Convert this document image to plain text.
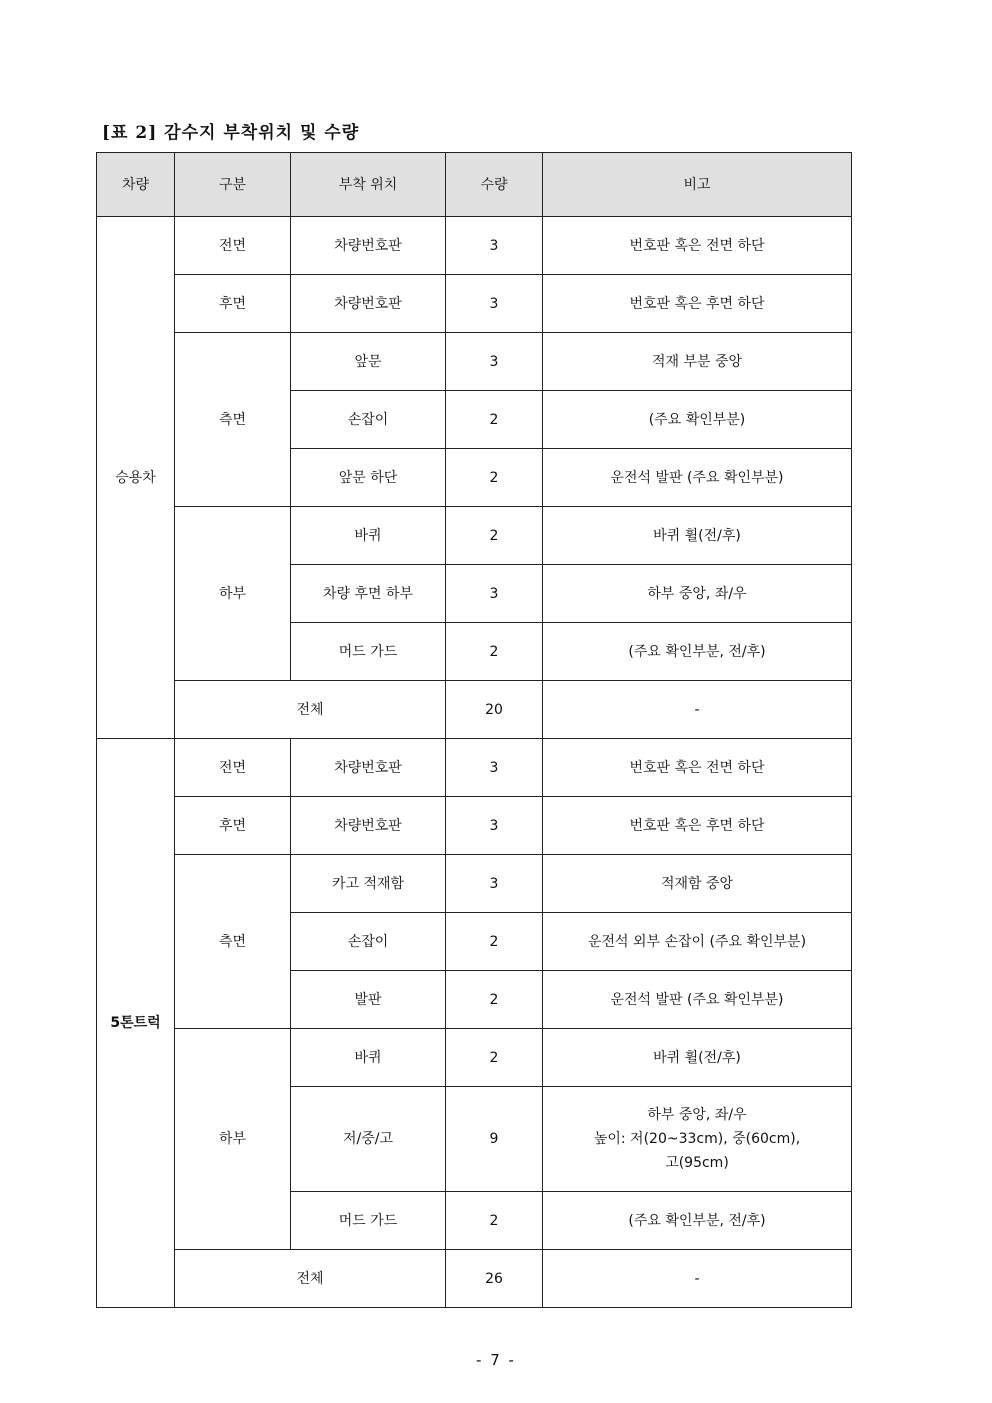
[표 2] 감수지 부착위치 및 수량
차량	구분	부착 위치	수량	비고
승용차	전면	차량번호판	3	번호판 혹은 전면 하단
	후면	차량번호판	3	번호판 혹은 후면 하단
	측면	앞문	3	적재 부분 중앙
		손잡이	2	(주요 확인부분)
		앞문 하단	2	운전석 발판 (주요 확인부분)
	하부	바퀴	2	바퀴 휠(전/후)
		차량 후면 하부	3	하부 중앙, 좌/우
		머드 가드	2	(주요 확인부분, 전/후)
	전체		20	-
5톤트럭	전면	차량번호판	3	번호판 혹은 전면 하단
	후면	차량번호판	3	번호판 혹은 후면 하단
	측면	카고 적재함	3	적재함 중앙
		손잡이	2	운전석 외부 손잡이 (주요 확인부분)
		발판	2	운전석 발판 (주요 확인부분)
	하부	바퀴	2	바퀴 휠(전/후)
		저/중/고	9	하부 중앙, 좌/우
높이: 저(20~33cm), 중(60cm),
고(95cm)

		머드 가드	2	(주요 확인부분, 전/후)
	전체		26	-
- 7 -
